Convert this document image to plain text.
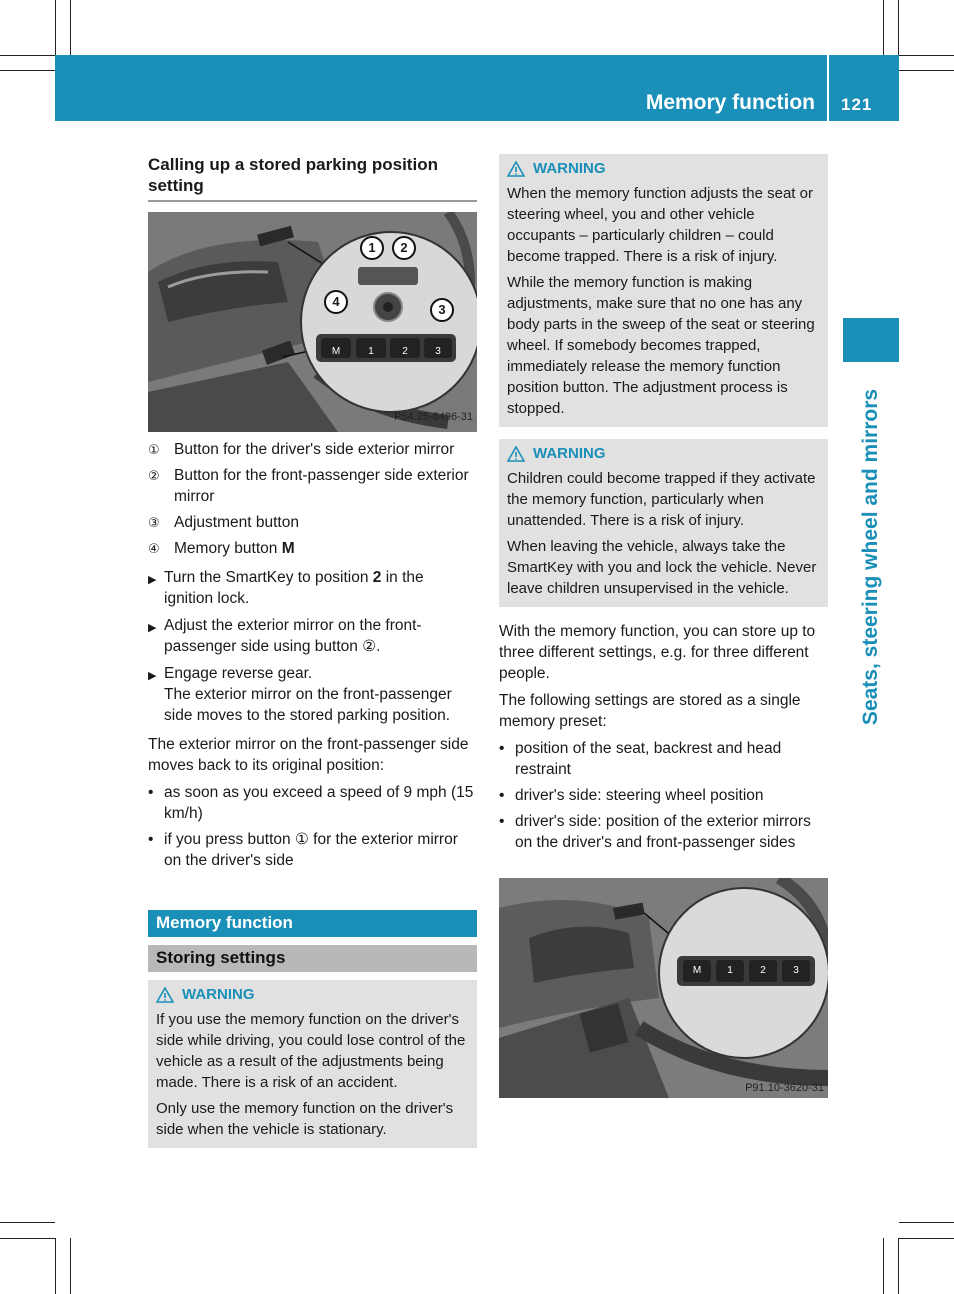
Memory function 121
Seats, steering wheel and mirrors
Calling up a stored parking position setting
1	2
3
4
M	1	2	3
P54.25-8496-31
① Button for the driver's side exterior mirror
② Button for the front-passenger side exterior mirror
③ Adjustment button
④ Memory button M
▶ Turn the SmartKey to position 2 in the ignition lock.
▶ Adjust the exterior mirror on the front-passenger side using button ②.
▶ Engage reverse gear.
The exterior mirror on the front-passenger side moves to the stored parking position.

The exterior mirror on the front-passenger side moves back to its original position:

• as soon as you exceed a speed of 9 mph (15 km/h)
• if you press button ① for the exterior mirror on the driver's side
Memory function
Storing settings
WARNING

If you use the memory function on the driver's side while driving, you could lose control of the vehicle as a result of the adjustments being made. There is a risk of an accident.

Only use the memory function on the driver's side when the vehicle is stationary.

WARNING

When the memory function adjusts the seat or steering wheel, you and other vehicle occupants – particularly children – could become trapped. There is a risk of injury.

While the memory function is making adjustments, make sure that no one has any body parts in the sweep of the seat or steering wheel. If somebody becomes trapped, immediately release the memory function position button. The adjustment process is stopped.

WARNING

Children could become trapped if they activate the memory function, particularly when unattended. There is a risk of injury.

When leaving the vehicle, always take the SmartKey with you and lock the vehicle. Never leave children unsupervised in the vehicle.

With the memory function, you can store up to three different settings, e.g. for three different people.

The following settings are stored as a single memory preset:

• position of the seat, backrest and head restraint
• driver's side: steering wheel position
• driver's side: position of the exterior mirrors on the driver's and front-passenger sides
M	1	2	3
P91.10-3620-31
